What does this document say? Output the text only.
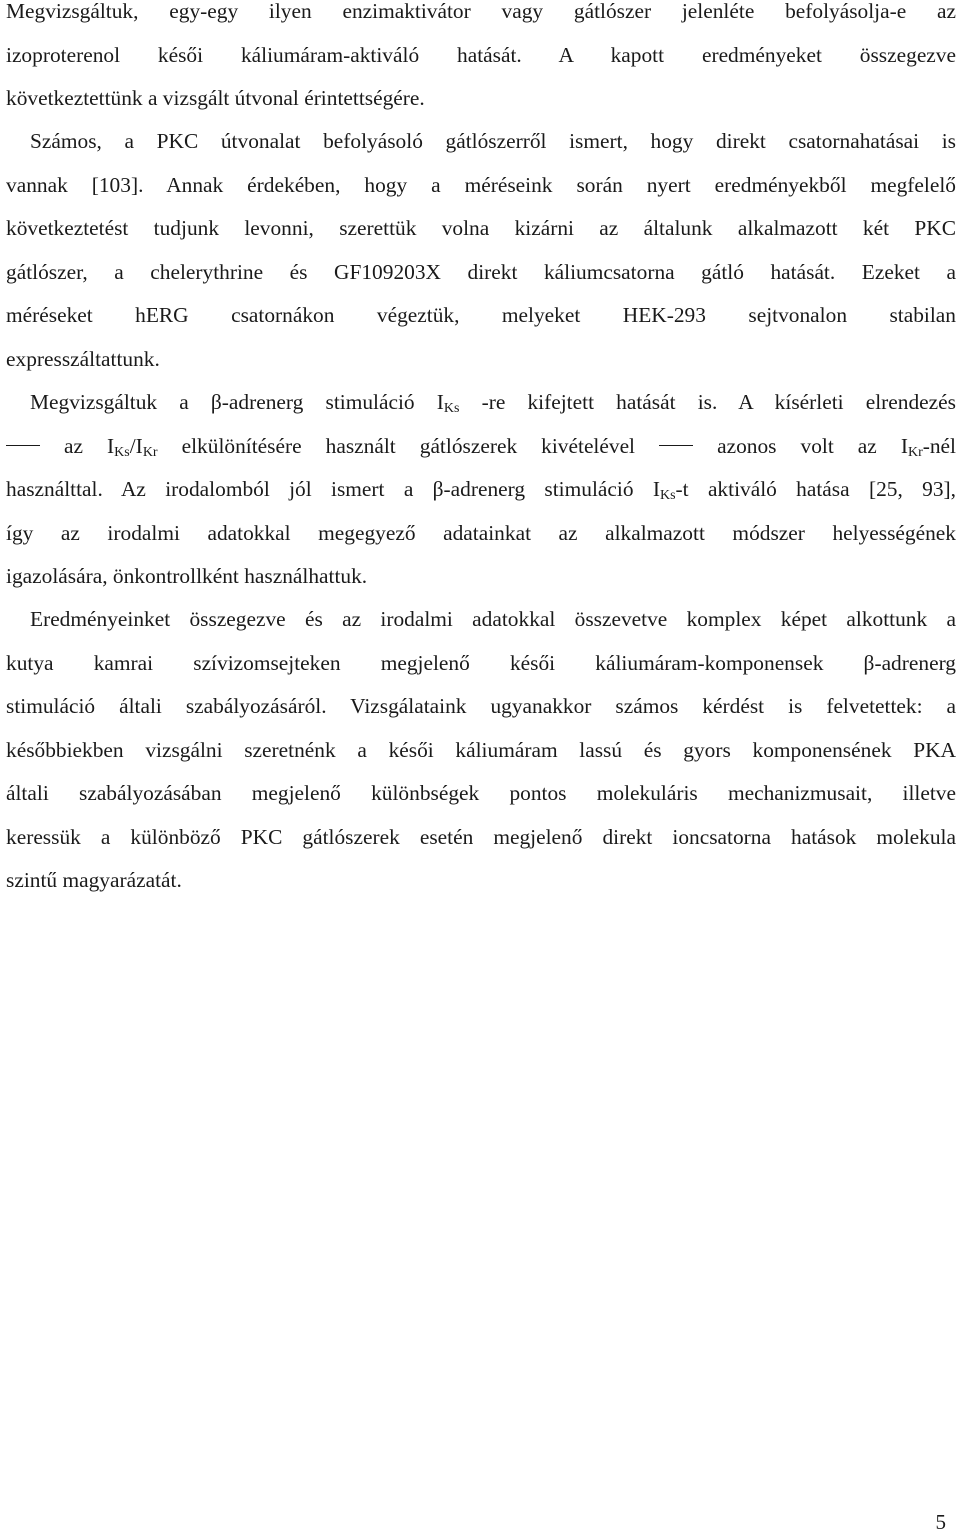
Megvizsgáltuk, egy-egy ilyen enzimaktivátor vagy gátlószer jelenléte befolyásolja-e az
izoproterenol késői káliumáram-aktiváló hatását. A kapott eredményeket összegezve
következtettünk a vizsgált útvonal érintettségére.

Számos, a PKC útvonalat befolyásoló gátlószerről ismert, hogy direkt csatornahatásai is
vannak [103]. Annak érdekében, hogy a méréseink során nyert eredményekből megfelelő
következtetést tudjunk levonni, szerettük volna kizárni az általunk alkalmazott két PKC
gátlószer, a chelerythrine és GF109203X direkt káliumcsatorna gátló hatását. Ezeket a
méréseket hERG csatornákon végeztük, melyeket HEK-293 sejtvonalon stabilan
expresszáltattunk.

Megvizsgáltuk a β-adrenerg stimuláció $I_{Ks}$ -re kifejtett hatását is. A kísérleti elrendezés
az $I_{Ks}/I_{Kr}$ elkülönítésére használt gátlószerek kivételével  azonos volt az $I_{Kr}$-nél
használttal. Az irodalomból jól ismert a β-adrenerg stimuláció $I_{Ks}-t$ aktiváló hatása [25, 93],
így az irodalmi adatokkal megegyező adatainkat az alkalmazott módszer helyességének
igazolására, önkontrollként használhattuk.

Eredményeinket összegezve és az irodalmi adatokkal összevetve komplex képet alkottunk a
kutya kamrai szívizomsejteken megjelenő késői káliumáram-komponensek β-adrenerg
stimuláció általi szabályozásáról. Vizsgálataink ugyanakkor számos kérdést is felvetettek: a
későbbiekben vizsgálni szeretnénk a késői káliumáram lassú és gyors komponensének PKA
általi szabályozásában megjelenő különbségek pontos molekuláris mechanizmusait, illetve
keressük a különböző PKC gátlószerek esetén megjelenő direkt ioncsatorna hatások molekula
szintű magyarázatát.

5
